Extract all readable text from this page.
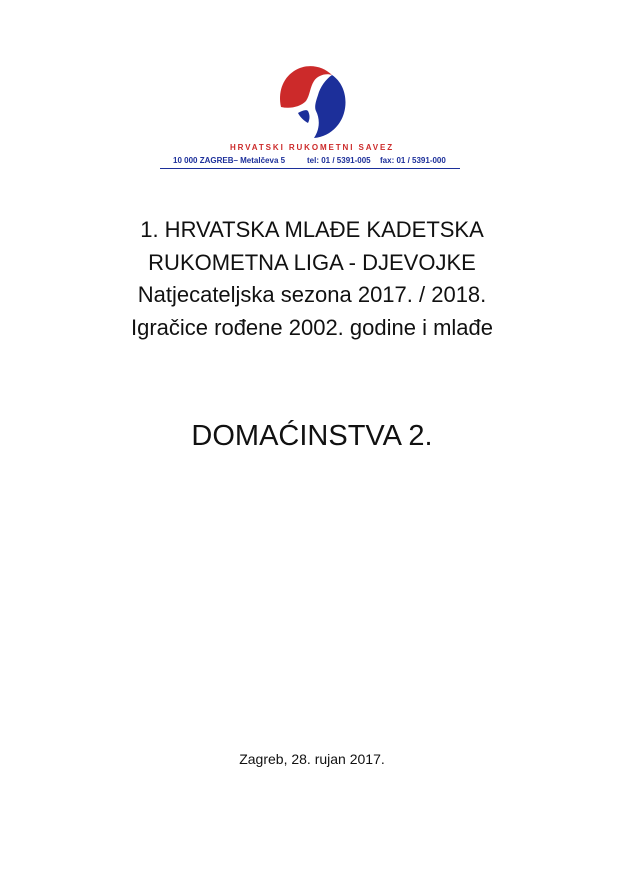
HRVATSKI RUKOMETNI SAVEZ
10 000 ZAGREB– Metalčeva 5	tel: 01 / 5391-005 fax: 01 / 5391-000
1. HRVATSKA MLAĐE KADETSKA
RUKOMETNA LIGA - DJEVOJKE
Natjecateljska sezona 2017. / 2018.
Igračice rođene 2002. godine i mlađe
DOMAĆINSTVA 2.
Zagreb, 28. rujan 2017.
